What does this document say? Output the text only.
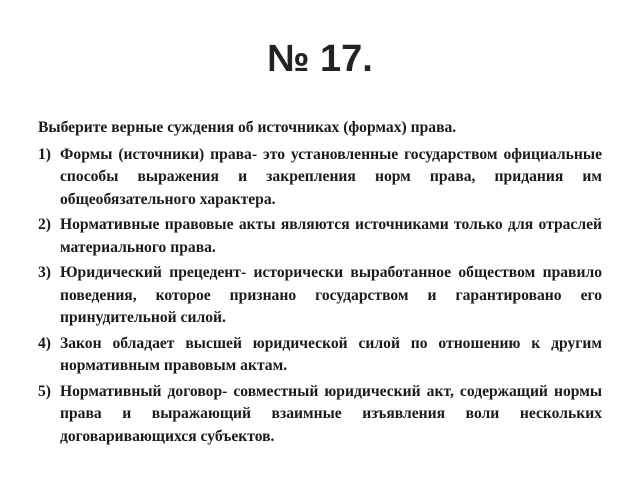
№ 17.

Выберите верные суждения об источниках (формах) права.

1) Формы (источники) права- это установленные государством официальные способы выражения и закрепления норм права, придания им общеобязательного характера.
2) Нормативные правовые акты являются источниками только для отраслей материального права.
3) Юридический прецедент- исторически выработанное обществом правило поведения, которое признано государством и гарантировано его принудительной силой.
4) Закон обладает высшей юридической силой по отношению к другим нормативным правовым актам.
5) Нормативный договор- совместный юридический акт, содержащий нормы права и выражающий взаимные изъявления воли нескольких договаривающихся субъектов.
